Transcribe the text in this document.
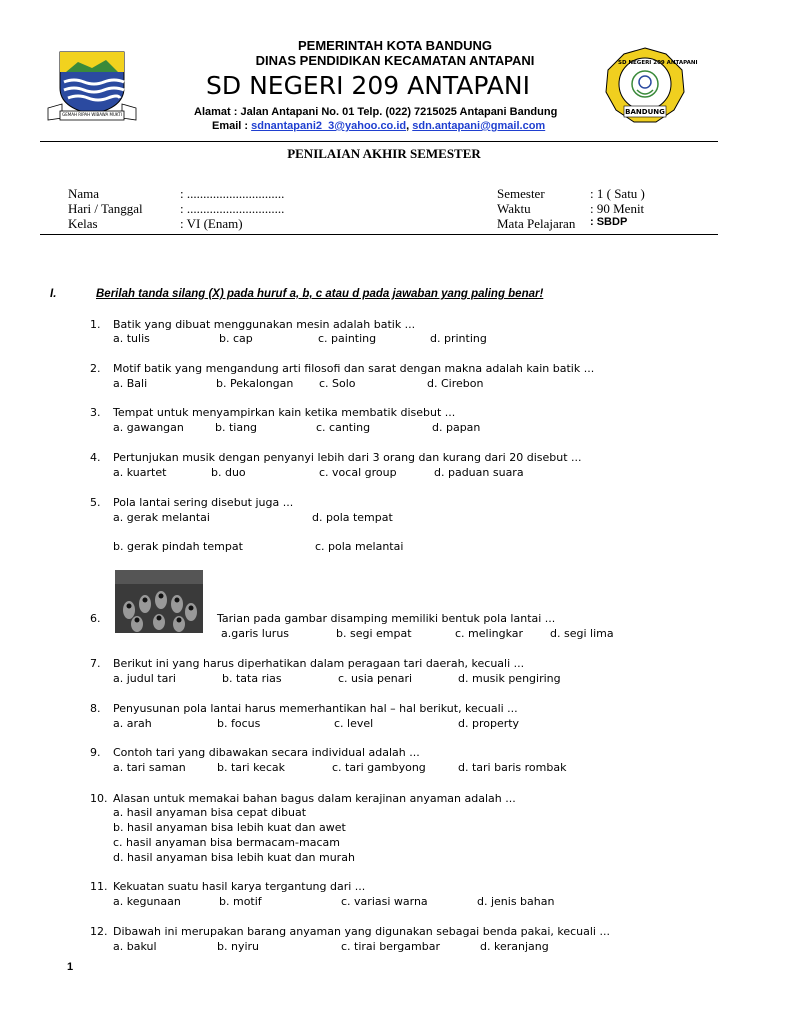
GEMAH RIPAH WIBAWA MUKTI
PEMERINTAH KOTA BANDUNG
DINAS PENDIDIKAN KECAMATAN ANTAPANI
SD NEGERI 209 ANTAPANI
Alamat : Jalan Antapani No. 01 Telp. (022) 7215025 Antapani Bandung
Email : sdnantapani2_3@yahoo.co.id, sdn.antapani@gmail.com
SD NEGERI 209 ANTAPANI
BANDUNG
PENILAIAN AKHIR SEMESTER
Nama	: ..............................
Hari / Tanggal	: ..............................
Kelas	: VI (Enam)
Semester	: 1 ( Satu )
Waktu	: 90 Menit
Mata Pelajaran : SBDP
I.	Berilah tanda silang (X) pada huruf a, b, c atau d pada jawaban yang paling benar!
1. Batik yang dibuat menggunakan mesin adalah batik ...
a. tulis	b. cap	c. painting	d. printing
2. Motif batik yang mengandung arti filosofi dan sarat dengan makna adalah kain batik ...
a. Bali	b. Pekalongan c. Solo	d. Cirebon
3. Tempat untuk menyampirkan kain ketika membatik disebut ...
a. gawangan	b. tiang	c. canting	d. papan
4. Pertunjukan musik dengan penyanyi lebih dari 3 orang dan kurang dari 20 disebut ...
a. kuartet	b. duo	c. vocal group	d. paduan suara
5. Pola lantai sering disebut juga ...
a. gerak melantai	d. pola tempat
b. gerak pindah tempat	c. pola melantai
6.	Tarian pada gambar disamping memiliki bentuk pola lantai ...
a.garis lurus	b. segi empat	c. melingkar d. segi lima
7. Berikut ini yang harus diperhatikan dalam peragaan tari daerah, kecuali ...
a. judul tari	b. tata rias	c. usia penari	d. musik pengiring
8. Penyusunan pola lantai harus memerhantikan hal – hal berikut, kecuali ...
a. arah	b. focus	c. level	d. property
9. Contoh tari yang dibawakan secara individual adalah ...
a. tari saman	b. tari kecak	c. tari gambyong	d. tari baris rombak
10. Alasan untuk memakai bahan bagus dalam kerajinan anyaman adalah ...
a. hasil anyaman bisa cepat dibuat
b. hasil anyaman bisa lebih kuat dan awet
c. hasil anyaman bisa bermacam-macam
d. hasil anyaman bisa lebih kuat dan murah
11. Kekuatan suatu hasil karya tergantung dari ...
a. kegunaan	b. motif	c. variasi warna	d. jenis bahan
12. Dibawah ini merupakan barang anyaman yang digunakan sebagai benda pakai, kecuali ...
a. bakul	b. nyiru	c. tirai bergambar	d. keranjang
1
